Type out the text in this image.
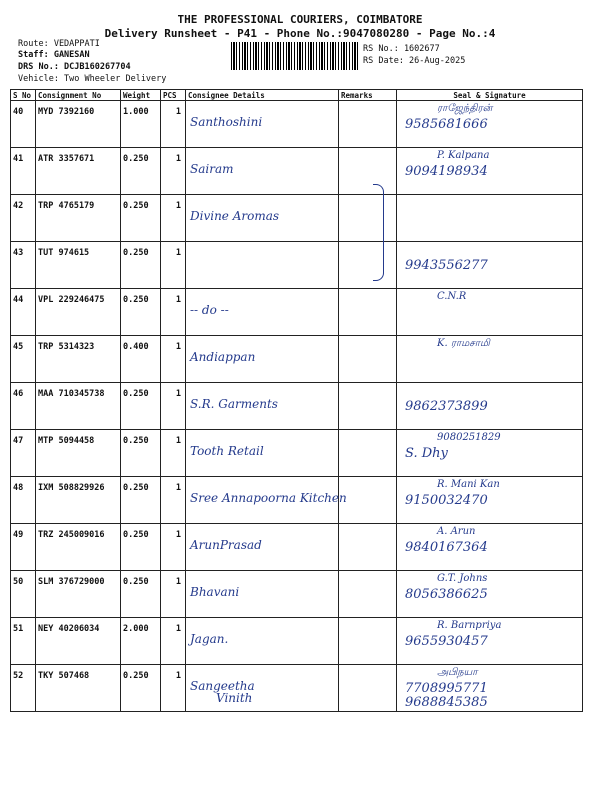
THE PROFESSIONAL COURIERS, COIMBATORE
Delivery Runsheet - P41 - Phone No.:9047080280 - Page No.:4
Route: VEDAPPATI
Staff: GANESAN
DRS No.: DCJB160267704
Vehicle: Two Wheeler Delivery
RS No.: 1602677
RS Date: 26-Aug-2025
S No	Consignment No	Weight	PCS	Consignee Details	Remarks	Seal & Signature
40	MYD 7392160	1.000	1	Santhoshini		ராஜேந்திரன்
9585681666

41	ATR 3357671	0.250	1	Sairam		P. Kalpana
9094198934

42	TRP 4765179	0.250	1	Divine Aromas		

43	TUT 974615	0.250	1			9943556277

44	VPL 229246475	0.250	1	-- do --		C.N.R

45	TRP 5314323	0.400	1	Andiappan		K. ராமசாமி

46	MAA 710345738	0.250	1	S.R. Garments		9862373899

47	MTP 5094458	0.250	1	Tooth Retail		9080251829
S. Dhy

48	IXM 508829926	0.250	1	Sree Annapoorna Kitchen		R. Mani Kan
9150032470

49	TRZ 245009016	0.250	1	ArunPrasad		A. Arun
9840167364

50	SLM 376729000	0.250	1	Bhavani		G.T. Johns
8056386625

51	NEY 40206034	2.000	1	Jagan.		R. Barnpriya
9655930457

52	TKY 507468	0.250	1	Sangeetha
Vinith		அபிநயா
7708995771
9688845385
